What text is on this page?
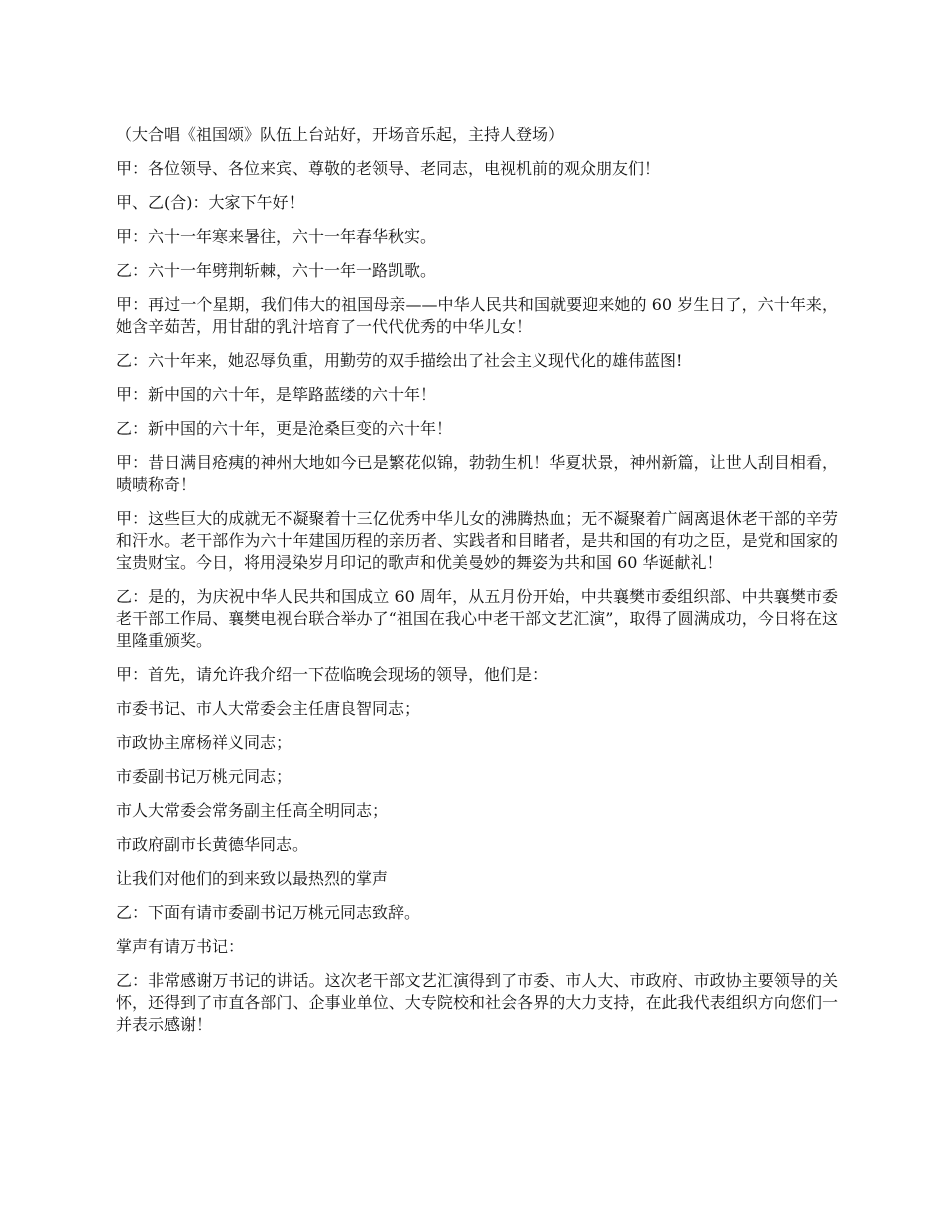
（大合唱《祖国颂》队伍上台站好，开场音乐起，主持人登场）

甲：各位领导、各位来宾、尊敬的老领导、老同志，电视机前的观众朋友们！

甲、乙(合)：大家下午好！

甲：六十一年寒来暑往，六十一年春华秋实。

乙：六十一年劈荆斩棘，六十一年一路凯歌。

甲：再过一个星期，我们伟大的祖国母亲——中华人民共和国就要迎来她的 60 岁生日了，六十年来，她含辛茹苦，用甘甜的乳汁培育了一代代优秀的中华儿女！

乙：六十年来，她忍辱负重，用勤劳的双手描绘出了社会主义现代化的雄伟蓝图!

甲：新中国的六十年，是筚路蓝缕的六十年！

乙：新中国的六十年，更是沧桑巨变的六十年！

甲：昔日满目疮痍的神州大地如今已是繁花似锦，勃勃生机！华夏状景，神州新篇，让世人刮目相看，啧啧称奇！

甲：这些巨大的成就无不凝聚着十三亿优秀中华儿女的沸腾热血；无不凝聚着广阔离退休老干部的辛劳和汗水。老干部作为六十年建国历程的亲历者、实践者和目睹者，是共和国的有功之臣，是党和国家的宝贵财宝。今日，将用浸染岁月印记的歌声和优美曼妙的舞姿为共和国 60 华诞献礼！

乙：是的，为庆祝中华人民共和国成立 60 周年，从五月份开始，中共襄樊市委组织部、中共襄樊市委老干部工作局、襄樊电视台联合举办了“祖国在我心中老干部文艺汇演”，取得了圆满成功，今日将在这里隆重颁奖。

甲：首先，请允许我介绍一下莅临晚会现场的领导，他们是：

市委书记、市人大常委会主任唐良智同志；

市政协主席杨祥义同志；

市委副书记万桃元同志；

市人大常委会常务副主任高全明同志；

市政府副市长黄德华同志。

让我们对他们的到来致以最热烈的掌声

乙：下面有请市委副书记万桃元同志致辞。

掌声有请万书记：

乙：非常感谢万书记的讲话。这次老干部文艺汇演得到了市委、市人大、市政府、市政协主要领导的关怀，还得到了市直各部门、企事业单位、大专院校和社会各界的大力支持，在此我代表组织方向您们一并表示感谢！
